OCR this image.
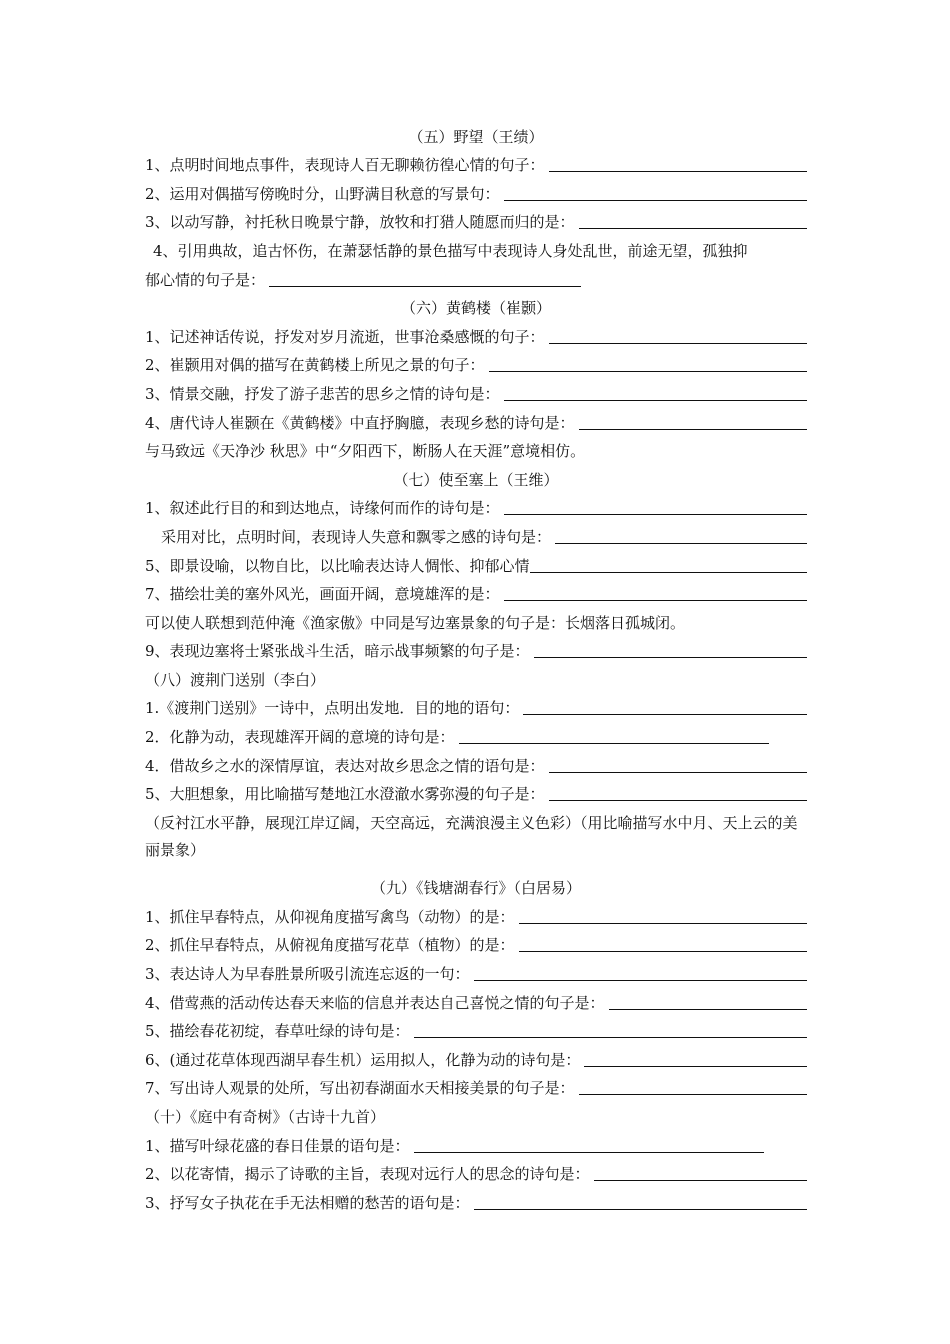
（五）野望（王绩）
1、点明时间地点事件，表现诗人百无聊赖彷徨心情的句子：
2、运用对偶描写傍晚时分，山野满目秋意的写景句：
3、以动写静，衬托秋日晚景宁静，放牧和打猎人随愿而归的是：
4、引用典故，追古怀伤，在萧瑟恬静的景色描写中表现诗人身处乱世，前途无望，孤独抑
郁心情的句子是：
（六）黄鹤楼（崔颢）
1、记述神话传说，抒发对岁月流逝，世事沧桑感慨的句子：
2、崔颢用对偶的描写在黄鹤楼上所见之景的句子：
3、情景交融，抒发了游子悲苦的思乡之情的诗句是：
4、唐代诗人崔颢在《黄鹤楼》中直抒胸臆，表现乡愁的诗句是：
与马致远《天净沙 秋思》中“夕阳西下，断肠人在天涯”意境相仿。
（七）使至塞上（王维）
1、叙述此行目的和到达地点，诗缘何而作的诗句是：
采用对比，点明时间，表现诗人失意和飘零之感的诗句是：
5、即景设喻，以物自比，以比喻表达诗人惆怅、抑郁心情
7、描绘壮美的塞外风光，画面开阔，意境雄浑的是：
可以使人联想到范仲淹《渔家傲》中同是写边塞景象的句子是：长烟落日孤城闭。
9、表现边塞将士紧张战斗生活，暗示战事频繁的句子是：
（八）渡荆门送别（李白）
1.《渡荆门送别》一诗中，点明出发地．目的地的语句：
2．化静为动，表现雄浑开阔的意境的诗句是：
4．借故乡之水的深情厚谊，表达对故乡思念之情的语句是：
5、大胆想象，用比喻描写楚地江水澄澈水雾弥漫的句子是：
（反衬江水平静，展现江岸辽阔，天空高远，充满浪漫主义色彩）（用比喻描写水中月、天上云的美丽景象）
（九）《钱塘湖春行》（白居易）
1、抓住早春特点，从仰视角度描写禽鸟（动物）的是：
2、抓住早春特点，从俯视角度描写花草（植物）的是：
3、表达诗人为早春胜景所吸引流连忘返的一句：
4、借莺燕的活动传达春天来临的信息并表达自己喜悦之情的句子是：
5、描绘春花初绽，春草吐绿的诗句是：
6、(通过花草体现西湖早春生机）运用拟人，化静为动的诗句是：
7、写出诗人观景的处所，写出初春湖面水天相接美景的句子是：
（十）《庭中有奇树》（古诗十九首）
1、描写叶绿花盛的春日佳景的语句是：
2、以花寄情，揭示了诗歌的主旨，表现对远行人的思念的诗句是：
3、抒写女子执花在手无法相赠的愁苦的语句是：
